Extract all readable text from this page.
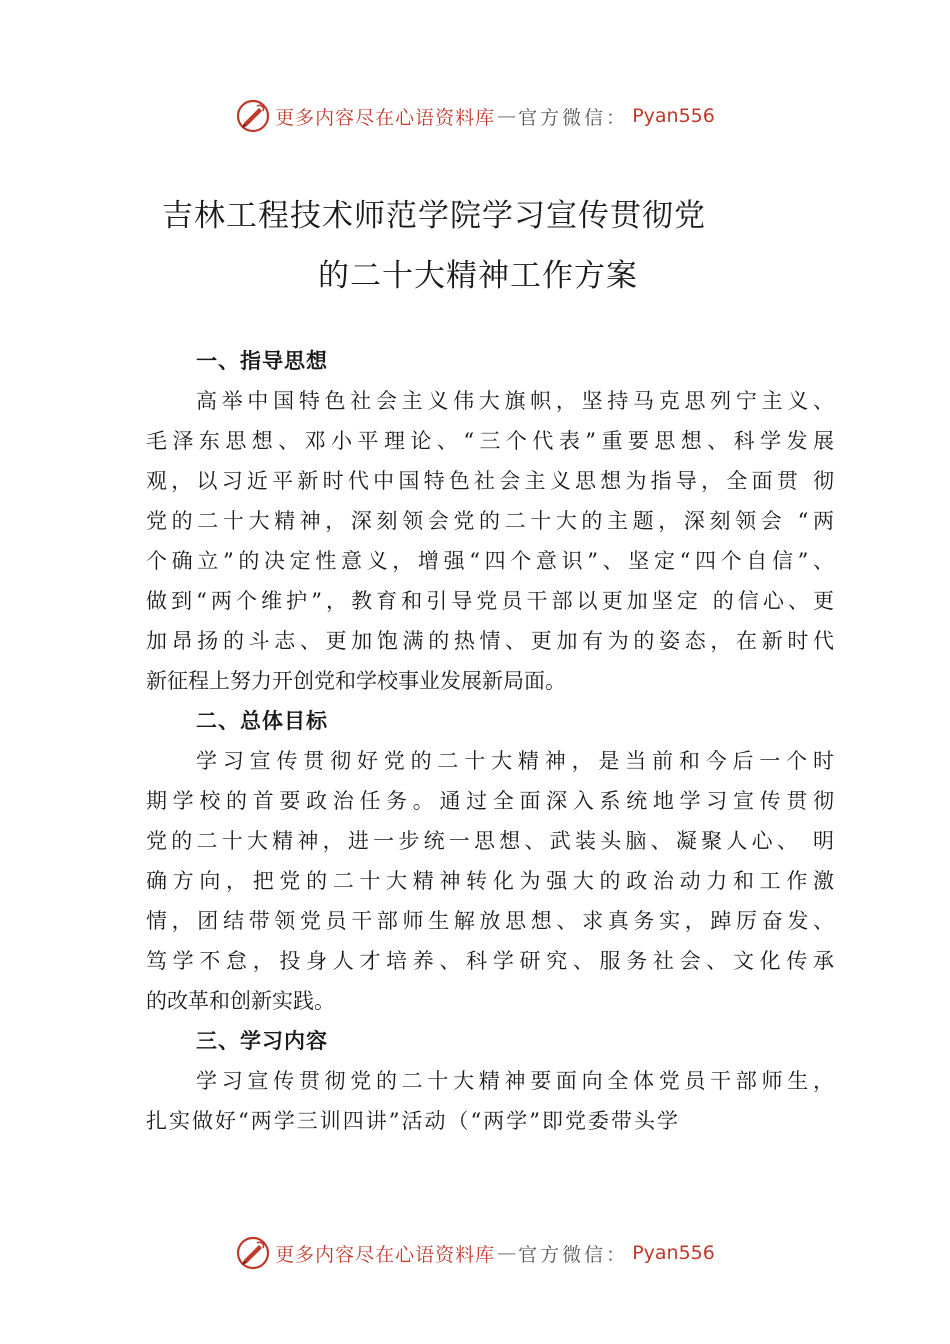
更多内容尽在心语资料库 — 官方微信： Pyan556
吉林工程技术师范学院学习宣传贯彻党
的二十大精神工作方案
一、指导思想
高举中国特色社会主义伟大旗帜，坚持马克思列宁主义、
毛泽东思想、邓小平理论、“三个代表”重要思想、科学发展
观，以习近平新时代中国特色社会主义思想为指导，全面贯 彻
党的二十大精神，深刻领会党的二十大的主题，深刻领会 “两
个确立”的决定性意义，增强“四个意识”、坚定“四个自信”、
做到“两个维护”，教育和引导党员干部以更加坚定 的信心、更
加昂扬的斗志、更加饱满的热情、更加有为的姿态，在新时代
新征程上努力开创党和学校事业发展新局面。
二、总体目标
学习宣传贯彻好党的二十大精神，是当前和今后一个时
期学校的首要政治任务。通过全面深入系统地学习宣传贯彻
党的二十大精神，进一步统一思想、武装头脑、凝聚人心、 明
确方向，把党的二十大精神转化为强大的政治动力和工作激
情，团结带领党员干部师生解放思想、求真务实，踔厉奋发、
笃学不怠，投身人才培养、科学研究、服务社会、文化传承
的改革和创新实践。
三、学习内容
学习宣传贯彻党的二十大精神要面向全体党员干部师生，
扎实做好“两学三训四讲”活动（“两学”即党委带头学
更多内容尽在心语资料库 — 官方微信： Pyan556
